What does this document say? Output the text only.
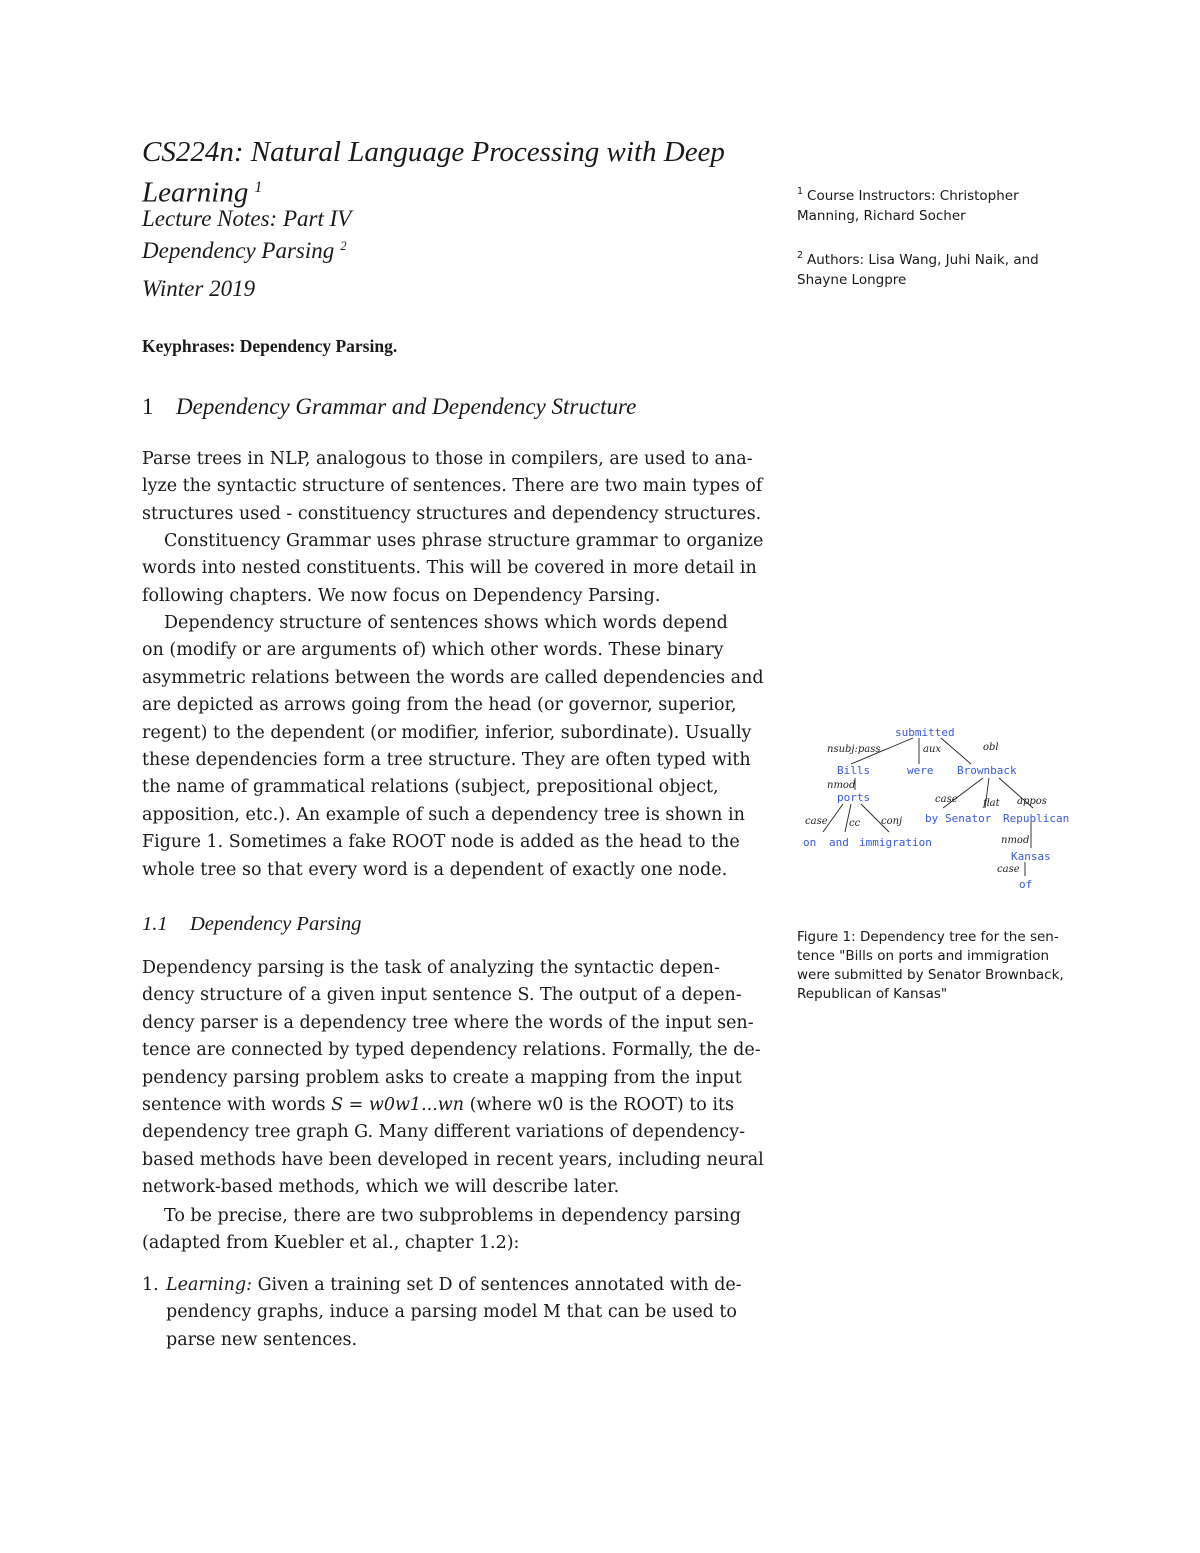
CS224n: Natural Language Processing with Deep
Learning $^1$
Lecture Notes: Part IV
Dependency Parsing $^2$
Winter 2019
$^1$ Course Instructors: Christopher
Manning, Richard Socher
$^2$ Authors: Lisa Wang, Juhi Naik, and
Shayne Longpre
Keyphrases: Dependency Parsing.
1 Dependency Grammar and Dependency Structure
Parse trees in NLP, analogous to those in compilers, are used to ana-
lyze the syntactic structure of sentences. There are two main types of
structures used - constituency structures and dependency structures.
Constituency Grammar uses phrase structure grammar to organize
words into nested constituents. This will be covered in more detail in
following chapters. We now focus on Dependency Parsing.
Dependency structure of sentences shows which words depend
on (modify or are arguments of) which other words. These binary
asymmetric relations between the words are called dependencies and
are depicted as arrows going from the head (or governor, superior,
regent) to the dependent (or modifier, inferior, subordinate). Usually
these dependencies form a tree structure. They are often typed with
the name of grammatical relations (subject, prepositional object,
apposition, etc.). An example of such a dependency tree is shown in
Figure 1. Sometimes a fake ROOT node is added as the head to the
whole tree so that every word is a dependent of exactly one node.
submitted
Bills	were Brownback
ports
by Senator Republican
on and immigration
Kansas
of
nsubj:pass	aux	obl
nmod
case	flat appos
case cc conj
nmod
case
Figure 1: Dependency tree for the sen-
tence "Bills on ports and immigration
were submitted by Senator Brownback,
Republican of Kansas"
1.1 Dependency Parsing
Dependency parsing is the task of analyzing the syntactic depen-
dency structure of a given input sentence S. The output of a depen-
dency parser is a dependency tree where the words of the input sen-
tence are connected by typed dependency relations. Formally, the de-
pendency parsing problem asks to create a mapping from the input
sentence with words S = w0w1...wn (where w0 is the ROOT) to its
dependency tree graph G. Many different variations of dependency-
based methods have been developed in recent years, including neural
network-based methods, which we will describe later.
To be precise, there are two subproblems in dependency parsing
(adapted from Kuebler et al., chapter 1.2):
1. Learning: Given a training set D of sentences annotated with de-
pendency graphs, induce a parsing model M that can be used to
parse new sentences.
